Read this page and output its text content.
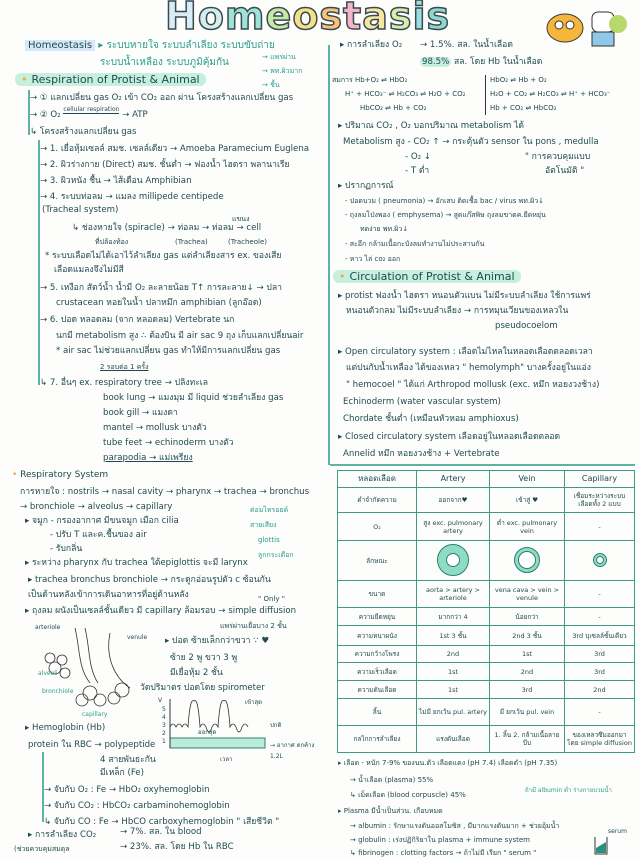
Homeostasis
Homeostasis ▸ ระบบหายใจ ระบบลำเลียง ระบบขับถ่าย
ระบบน้ำเหลือง ระบบภูมิคุ้มกัน	→ แพร่ผ่าน
→ พท.ผิวมาก
→ ชื้น
• Respiration of Protist & Animal
→ ① แลกเปลี่ยน gas O₂ เข้า CO₂ ออก ผ่าน โครงสร้างแลกเปลี่ยน gas
→ ② O₂ $^{cellular respiration}$ → ATP
↳ โครงสร้างแลกเปลี่ยน gas
→ 1. เยื่อหุ้มเซลล์ สมช. เซลล์เดียว → Amoeba Paramecium Euglena
→ 2. ผิวร่างกาย (Direct) สมช. ชั้นต่ำ → ฟองน้ำ ไฮดรา พลานาเรีย
→ 3. ผิวหนัง ชื้น → ไส้เดือน Amphibian
→ 4. ระบบท่อลม → แมลง millipede centipede
(Tracheal system)
แขนง
↳ ช่องหายใจ (spiracle) → ท่อลม → ท่อลม → cell
ที่ปล้องท้อง	(Trachea)	(Tracheole)
* ระบบเลือดไม่ได้เอาไว้ลำเลียง gas แต่ลำเลียงสาร ex. ของเสีย
เลือดแมลงจึงไม่มีสี
→ 5. เหงือก สัตว์น้ำ น้ำมี O₂ ละลายน้อย T↑ การละลาย↓ → ปลา
crustacean หอยในน้ำ ปลาหมึก amphibian (ลูกอ๊อด)
→ 6. ปอด หลอดลม (จาก หลอดลม) Vertebrate นก
นกมี metabolism สูง ∴ ต้องบิน มี air sac 9 ถุง เก็บแลกเปลี่ยนair
* air sac ไม่ช่วยแลกเปลี่ยน gas ทำให้มีการแลกเปลี่ยน gas
2 รอบต่อ 1 ครั้ง
↳ 7. อื่นๆ ex. respiratory tree → ปลิงทะเล
book lung → แมงมุม มี liquid ช่วยลำเลียง gas
book gill → แมงดา
mantel → mollusk บางตัว
tube feet → echinoderm บางตัว
parapodia → แม่เพรียง
• Respiratory System
การหายใจ : nostrils → nasal cavity → pharynx → trachea → bronchus
→ bronchiole → alveolus → capillary
▸ จมูก - กรองอากาศ มีขนจมูก เมือก cilia
- ปรับ T และค.ชื้นของ air
- รับกลิ่น
ต่อมไทรอยด์
สายเสียง
glottis
ลูกกระเดือก
▸ ระหว่าง pharynx กับ trachea ใต้epiglottis จะมี larynx
▸ trachea bronchus bronchiole → กระดูกอ่อนรูปตัว c ซ้อนกัน
เป็นด้านหลังเข้าการเดินอาหารที่อยู่ด้านหลัง	" Only "
▸ ถุงลม ผนังเป็นเซลล์ชั้นเดียว มี capillary ล้อมรอบ → simple diffusion
แพร่ผ่านเยื่อบาง 2 ชั้น
arteriole
venule
alveoli
bronchiole
capillary
▸ ปอด ซ้ายเล็กกว่าขวา ∵ ♥
ซ้าย 2 พู ขวา 3 พู
มีเยื่อหุ้ม 2 ชั้น
วัดปริมาตร ปอดโดย spirometer
V
5
4
3
2
1
เข้าสุด
ปกติ
ออกสุด
→ อากาศ ตกค้าง 1.2L
เวลา
▸ Hemoglobin (Hb)
protein ใน RBC → polypeptide
4 สายพันธะกัน
มีเหล็ก (Fe)
→ จับกับ O₂ : Fe → HbO₂ oxyhemoglobin
→ จับกับ CO₂ : HbCO₂ carbaminohemoglobin
↳ จับกับ CO : Fe → HbCO carboxyhemoglobin " เสียชีวิต "
▸ การลำเลียง CO₂
(ช่วยควบคุมสมดุล
→ 7%. สล. ใน blood
→ 23%. สล. โดย Hb ใน RBC
▸ การลำเลียง O₂ → 1.5%. สล. ในน้ำเลือด
98.5% สล. โดย Hb ในน้ำเลือด
สมการ Hb+O₂ ⇌ HbO₂
H⁺ + HCO₃⁻ ⇌ H₂CO₃ ⇌ H₂O + CO₂
HbCO₂ ⇌ Hb + CO₂
HbO₂ ⇌ Hb + O₂
H₂O + CO₂ ⇌ H₂CO₃ ⇌ H⁺ + HCO₃⁻
Hb + CO₂ ⇌ HbCO₂
▸ ปริมาณ CO₂ , O₂ บอกปริมาณ metabolism ได้
Metabolism สูง - CO₂ ↑ → กระตุ้นตัว sensor ใน pons , medulla
- O₂ ↓
- T ต่ำ
" การควบคุมแบบ
อัตโนมัติ "
▸ ปรากฏการณ์
- ปอดบวม ( pneumonia) → อักเสบ ติดเชื้อ bac / virus พท.ผิว↓
- ถุงลมโป่งพอง ( emphysema) → สูดแก๊สพิษ ถุงลมขาดค.ยืดหยุ่น
ทดง่าย พท.ผิว↓
- สะอึก กล้ามเนื้อกะบังลมทำงานไม่ประสานกัน
- หาว ไล่ co₂ ออก
• Circulation of Protist & Animal
▸ protist ฟองน้ำ ไฮดรา หนอนตัวแบน ไม่มีระบบลำเลียง ใช้การแพร่
หนอนตัวกลม ไม่มีระบบลำเลียง → การหมุนเวียนของเหลวใน
pseudocoelom
▸ Open circulatory system : เลือดไม่ไหลในหลอดเลือดตลอดเวลา
แต่ปนกับน้ำเหลือง ได้ของเหลว " hemolymph" บางครั้งอยู่ในแอ่ง
" hemocoel " ได้แก่ Arthropod mollusk (exc. หมึก หอยงวงช้าง)
Echinoderm (water vascular system)
Chordate ชั้นต่ำ (เหมือนหัวหอม amphioxus)
▸ Closed circulatory system เลือดอยู่ในหลอดเลือดตลอด
Annelid หมึก หอยงวงช้าง + Vertebrate
หลอดเลือด	Artery	Vein	Capillary
คำจำกัดความ	ออกจาก♥	เข้าสู่ ♥	เชื่อมระหว่างระบบ เลือดทั้ง 2 แบบ
O₂	สูง exc. pulmonary artery	ต่ำ exc. pulmonary vein	-
ลักษณะ	

ขนาด	aorta > artery > arteriole	vena cava > vein > venule	-
ความยืดหยุ่น	มากกว่า 4	น้อยกว่า	-
ความหนาผนัง	1st 3 ชั้น	2nd 3 ชั้น	3rd บุเซลล์ชั้นเดียว
ความกว้างโพรง	2nd	1st	3rd
ความเร็วเลือด	1st	2nd	3rd
ความดันเลือด	1st	3rd	2nd
ลิ้น	ไม่มี ยกเว้น pul. artery	มี ยกเว้น pul. vein	-
กลไกการลำเลียง	แรงดันเลือด	1. ลิ้น 2. กล้ามเนื้อลายบีบ	ของเหลวซึมออกมา โดย simple diffusion
▸ เลือด - หนัก 7-9% ของนน.ตัว เลือดแดง (pH 7.4) เลือดดำ (pH 7.35)
→ น้ำเลือด (plasma) 55%
↳ เม็ดเลือด (blood corpuscle) 45%
ถ้ามี albumin ต่ำ ร่างกายบวมน้ำ
▸ Plasma มีน้ำเป็นส่วน. เกือบหมด
→ albumin : รักษาแรงดันออสโมซิส , มีมากแรงดันมาก + ช่วยอุ้มน้ำ
→ globulin : เร่งปฏิกิริยาใน plasma + immune system
↳ fibrinogen : clotting factors → ถ้าไม่มี เรียก " serum "
serum
